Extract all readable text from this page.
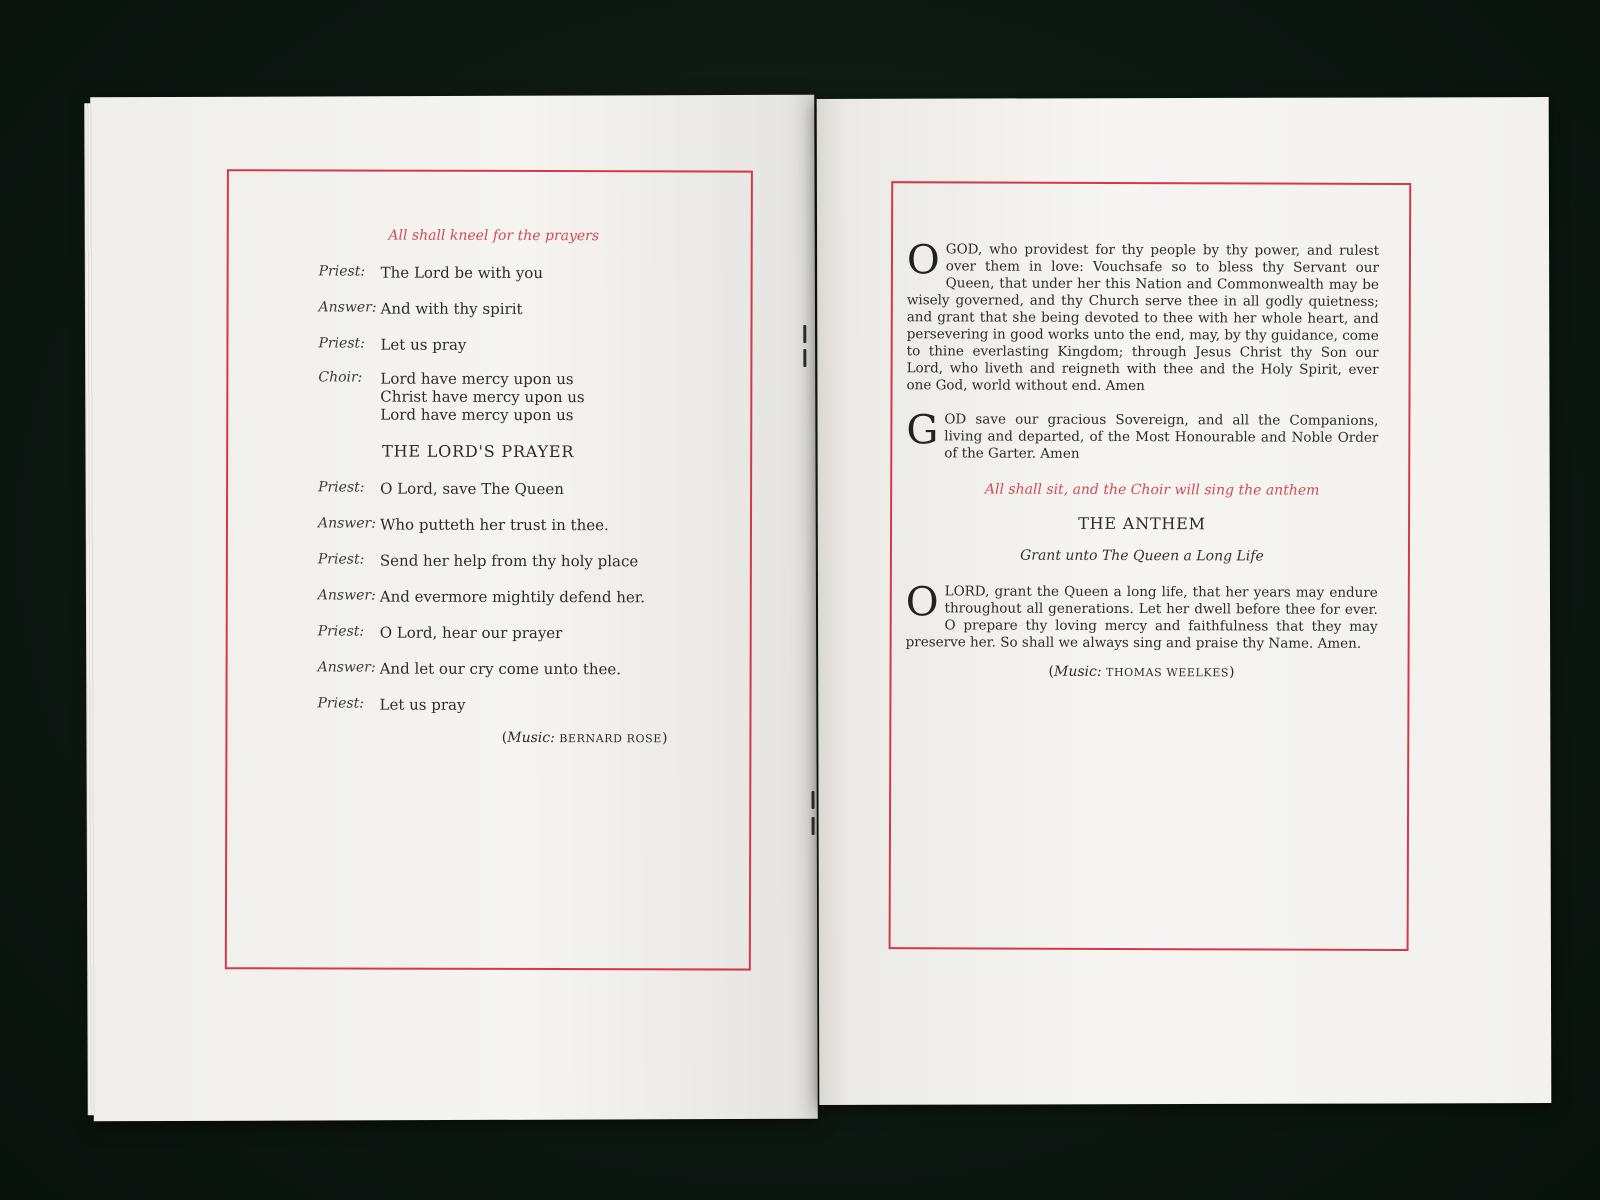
All shall kneel for the prayers
Priest:	The Lord be with you
Answer: And with thy spirit
Priest:	Let us pray
Choir:	Lord have mercy upon us
Christ have mercy upon us
Lord have mercy upon us
THE LORD'S PRAYER
Priest:	O Lord, save The Queen
Answer: Who putteth her trust in thee.
Priest:	Send her help from thy holy place
Answer: And evermore mightily defend her.
Priest:	O Lord, hear our prayer
Answer: And let our cry come unto thee.
Priest:	Let us pray
(Music: BERNARD ROSE)
OGOD, who providest for thy people by thy power, and rulest over them in love: Vouchsafe so to bless thy Servant our Queen, that under her this Nation and Commonwealth may be wisely governed, and thy Church serve thee in all godly quietness; and grant that she being devoted to thee with her whole heart, and persevering in good works unto the end, may, by thy guidance, come to thine everlasting Kingdom; through Jesus Christ thy Son our Lord, who liveth and reigneth with thee and the Holy Spirit, ever one God, world without end. Amen
GOD save our gracious Sovereign, and all the Companions, living and departed, of the Most Honourable and Noble Order of the Garter. Amen
All shall sit, and the Choir will sing the anthem
THE ANTHEM
Grant unto The Queen a Long Life
OLORD, grant the Queen a long life, that her years may endure throughout all generations. Let her dwell before thee for ever. O prepare thy loving mercy and faithfulness that they may preserve her. So shall we always sing and praise thy Name. Amen.
(Music: THOMAS WEELKES)
